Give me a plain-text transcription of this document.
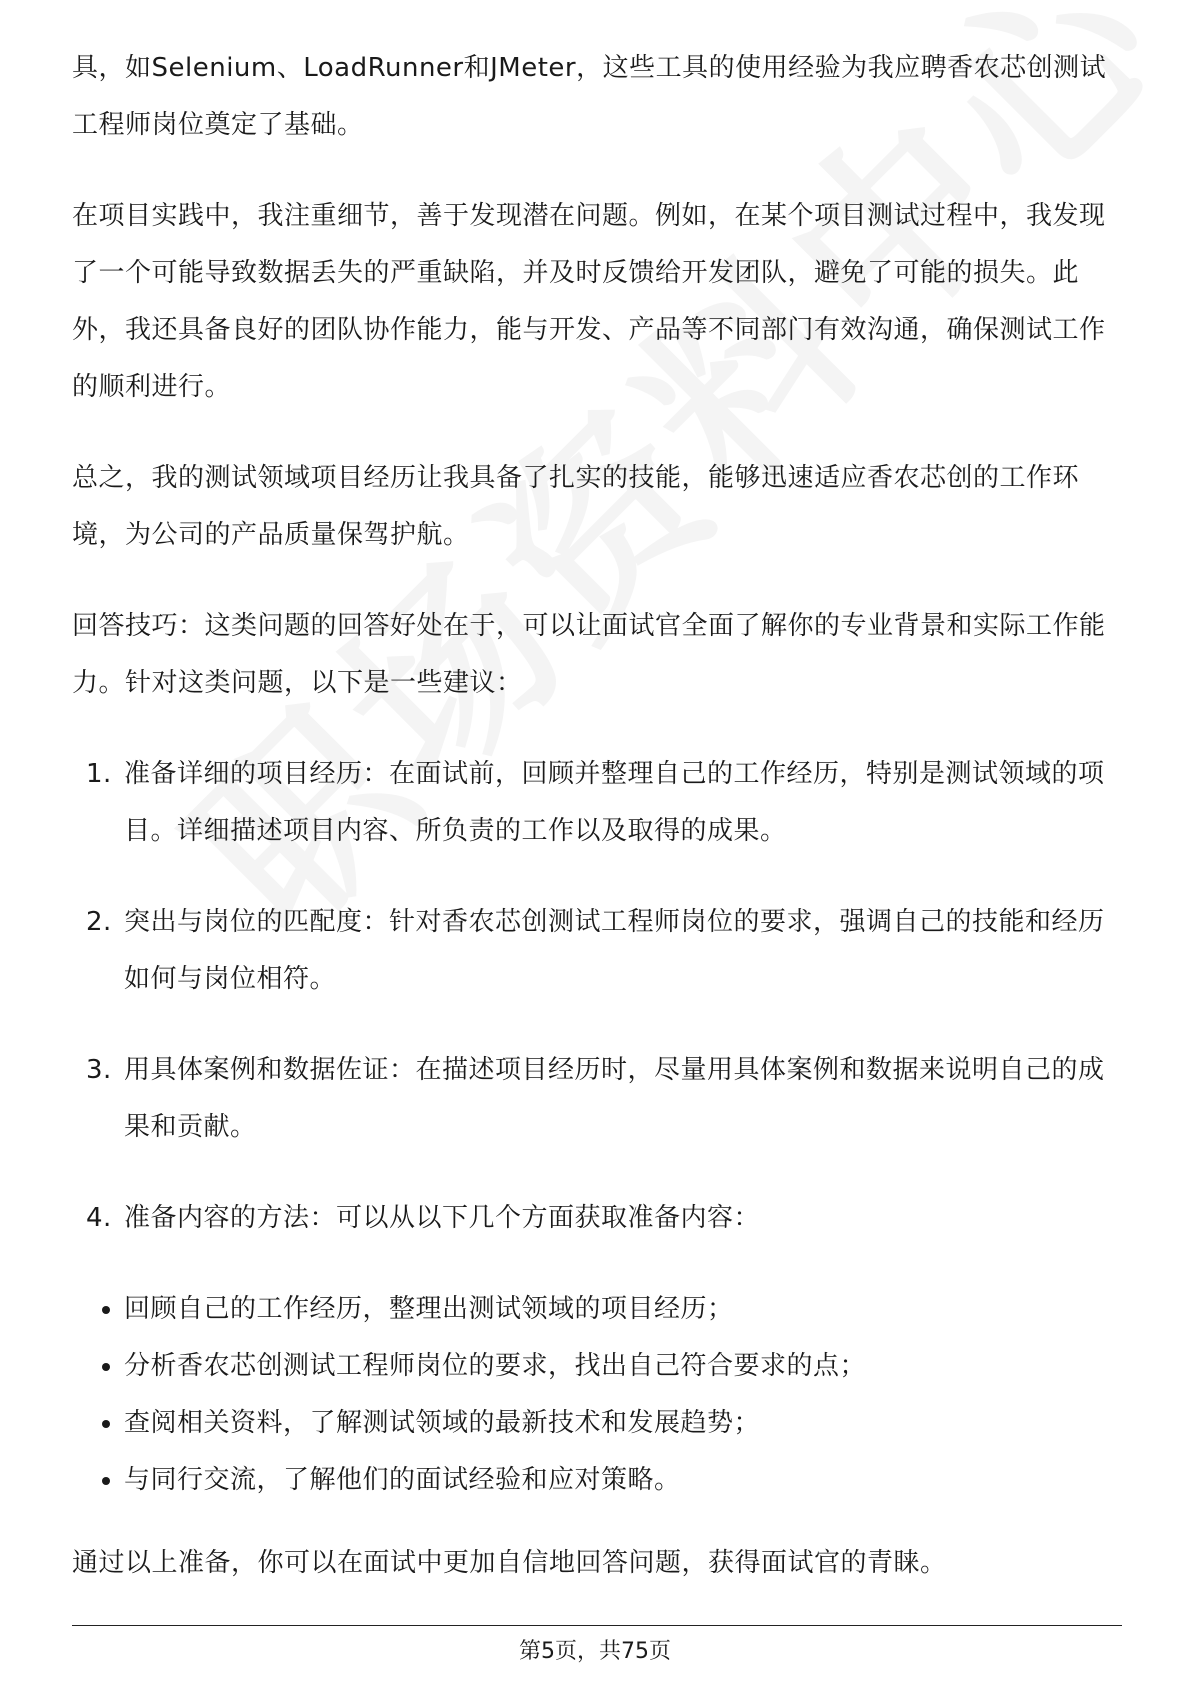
具，如Selenium、LoadRunner和JMeter，这些工具的使用经验为我应聘香农芯创测试工程师岗位奠定了基础。

在项目实践中，我注重细节，善于发现潜在问题。例如，在某个项目测试过程中，我发现了一个可能导致数据丢失的严重缺陷，并及时反馈给开发团队，避免了可能的损失。此外，我还具备良好的团队协作能力，能与开发、产品等不同部门有效沟通，确保测试工作的顺利进行。

总之，我的测试领域项目经历让我具备了扎实的技能，能够迅速适应香农芯创的工作环境，为公司的产品质量保驾护航。

回答技巧：这类问题的回答好处在于，可以让面试官全面了解你的专业背景和实际工作能力。针对这类问题，以下是一些建议：

1. 准备详细的项目经历：在面试前，回顾并整理自己的工作经历，特别是测试领域的项目。详细描述项目内容、所负责的工作以及取得的成果。
2. 突出与岗位的匹配度：针对香农芯创测试工程师岗位的要求，强调自己的技能和经历如何与岗位相符。
3. 用具体案例和数据佐证：在描述项目经历时，尽量用具体案例和数据来说明自己的成果和贡献。
4. 准备内容的方法：可以从以下几个方面获取准备内容：
回顾自己的工作经历，整理出测试领域的项目经历；
分析香农芯创测试工程师岗位的要求，找出自己符合要求的点；
查阅相关资料，了解测试领域的最新技术和发展趋势；
与同行交流，了解他们的面试经验和应对策略。

通过以上准备，你可以在面试中更加自信地回答问题，获得面试官的青睐。

第5页，共75页
